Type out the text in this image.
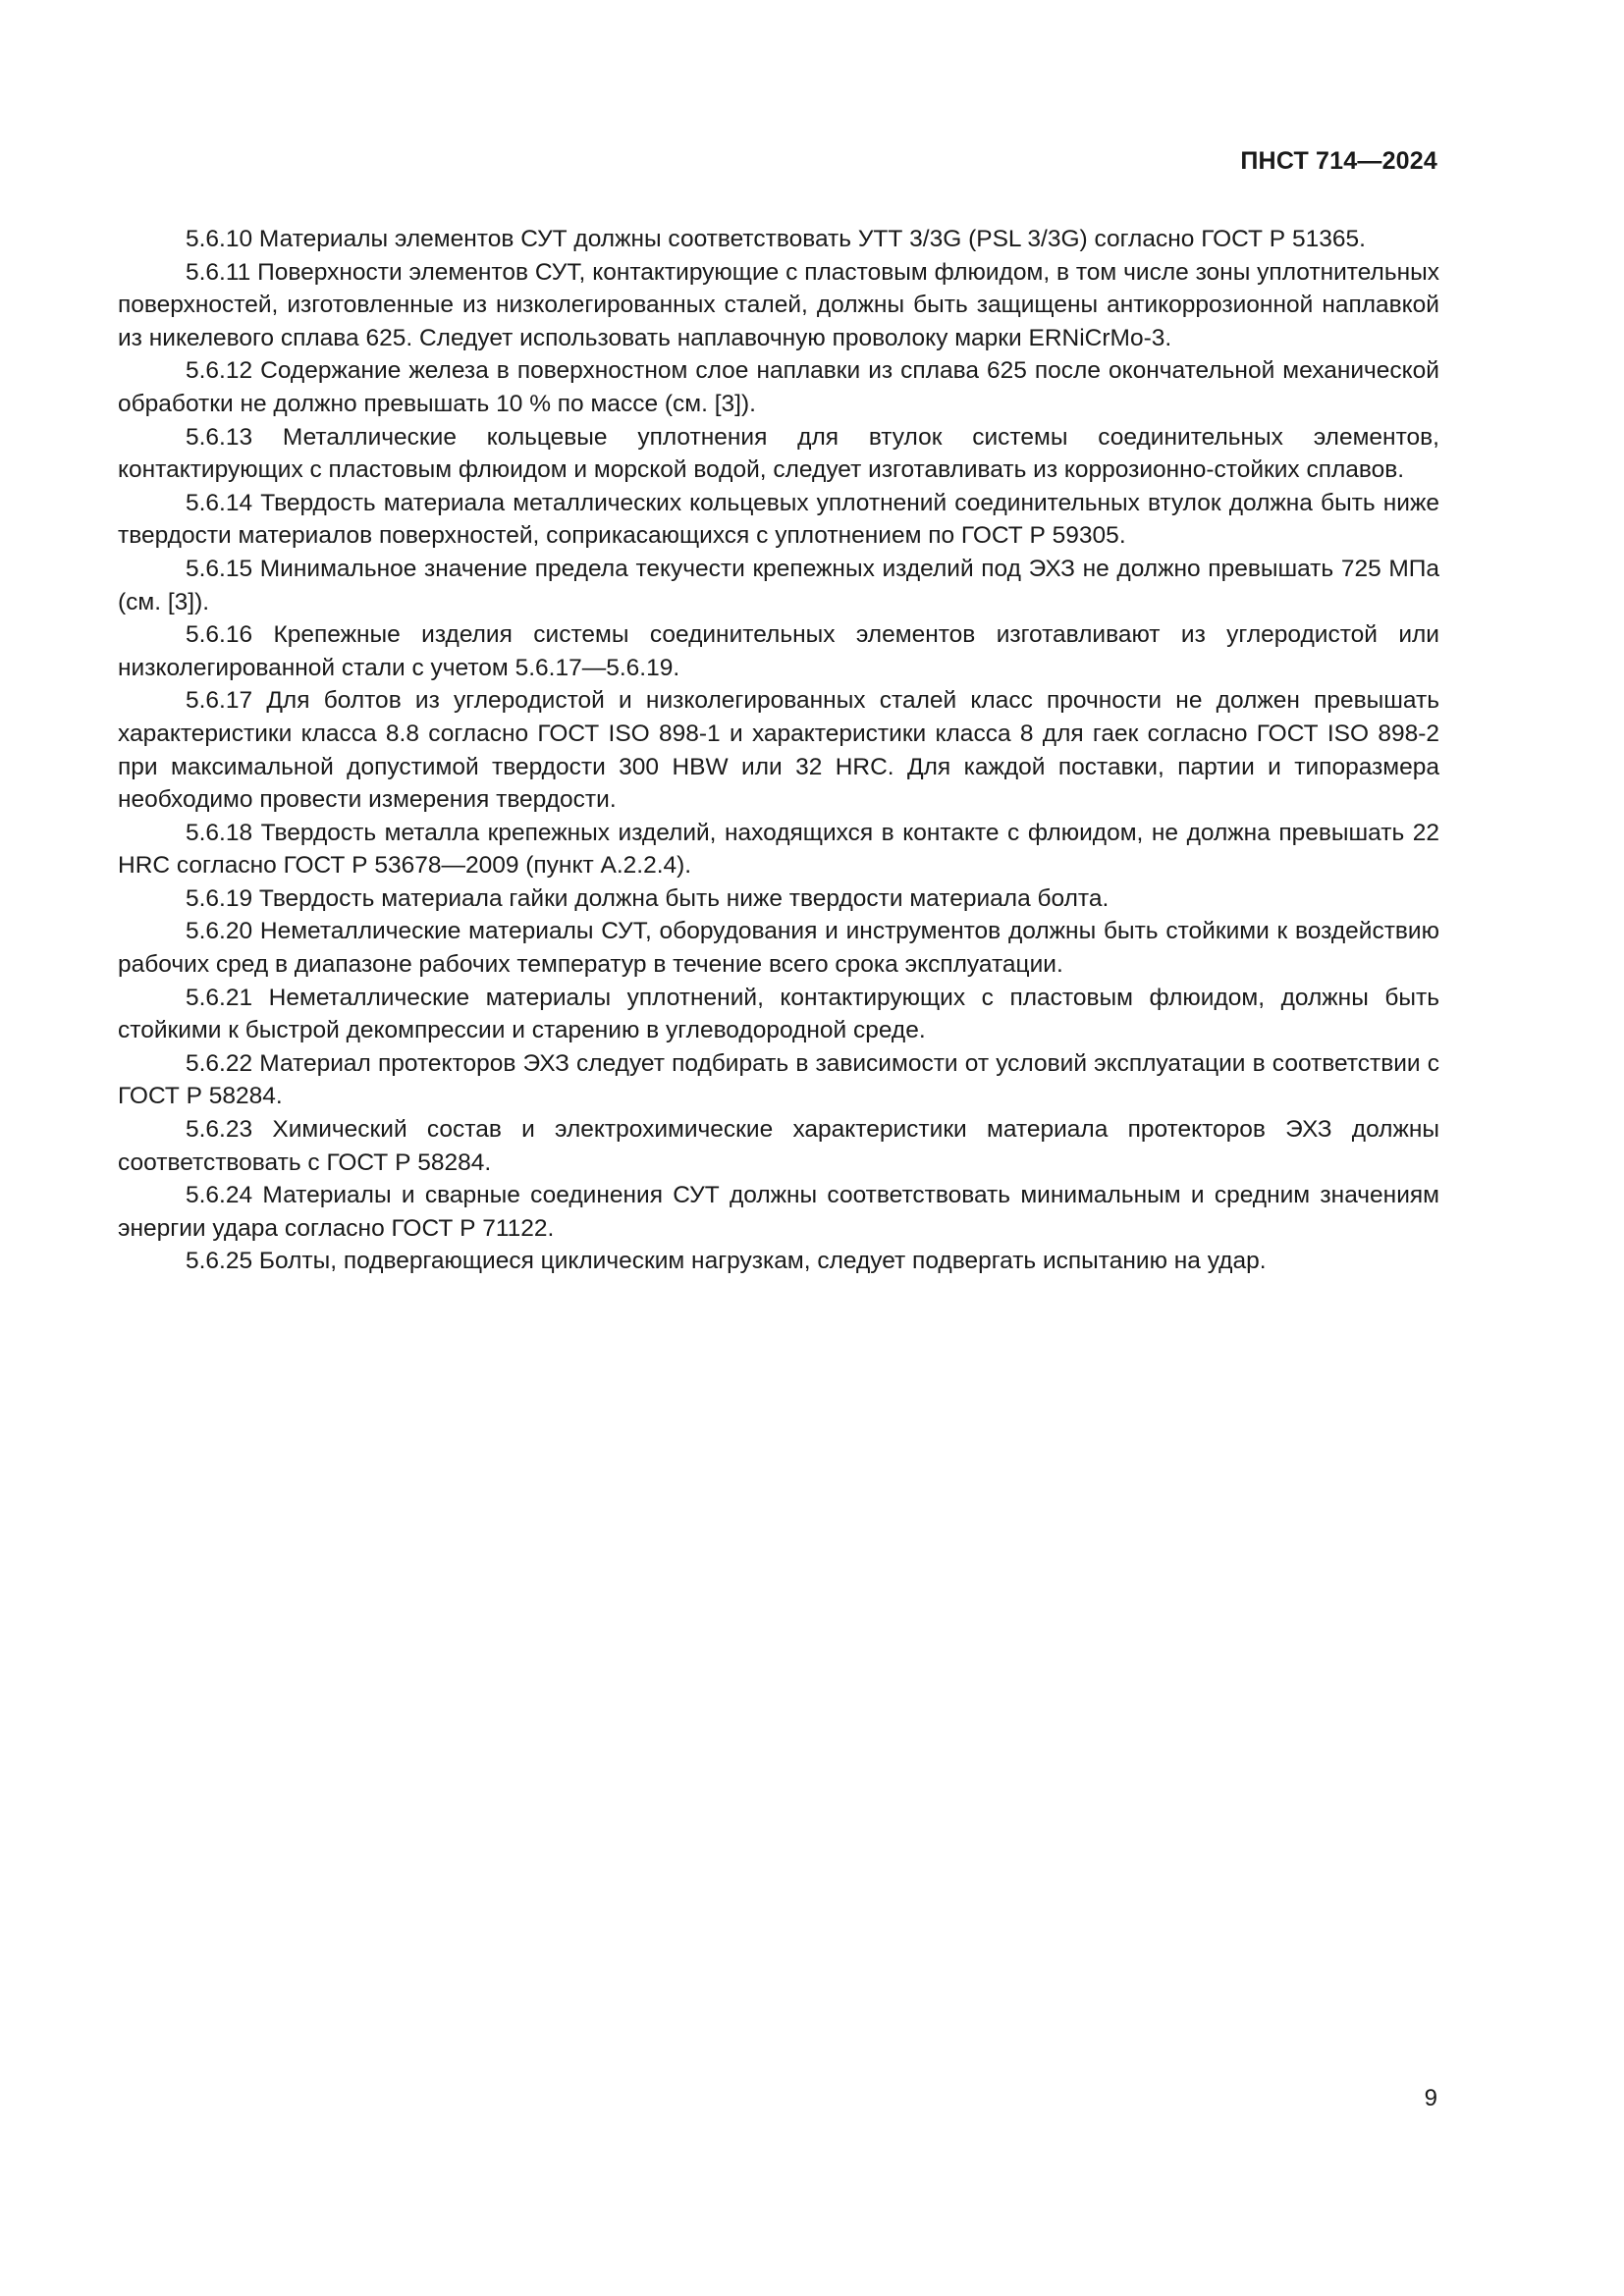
ПНСТ 714—2024

5.6.10 Материалы элементов СУТ должны соответствовать УТТ 3/3G (PSL 3/3G) согласно ГОСТ Р 51365.

5.6.11 Поверхности элементов СУТ, контактирующие с пластовым флюидом, в том числе зоны уплотнительных поверхностей, изготовленные из низколегированных сталей, должны быть защищены антикоррозионной наплавкой из никелевого сплава 625. Следует использовать наплавочную проволоку марки ERNiCrMo-3.

5.6.12 Содержание железа в поверхностном слое наплавки из сплава 625 после окончательной механической обработки не должно превышать 10 % по массе (см. [3]).

5.6.13 Металлические кольцевые уплотнения для втулок системы соединительных элементов, контактирующих с пластовым флюидом и морской водой, следует изготавливать из коррозионно-стойких сплавов.

5.6.14 Твердость материала металлических кольцевых уплотнений соединительных втулок должна быть ниже твердости материалов поверхностей, соприкасающихся с уплотнением по ГОСТ Р 59305.

5.6.15 Минимальное значение предела текучести крепежных изделий под ЭХЗ не должно превышать 725 МПа (см. [3]).

5.6.16 Крепежные изделия системы соединительных элементов изготавливают из углеродистой или низколегированной стали с учетом 5.6.17—5.6.19.

5.6.17 Для болтов из углеродистой и низколегированных сталей класс прочности не должен превышать характеристики класса 8.8 согласно ГОСТ ISO 898-1 и характеристики класса 8 для гаек согласно ГОСТ ISO 898-2 при максимальной допустимой твердости 300 HBW или 32 HRC. Для каждой поставки, партии и типоразмера необходимо провести измерения твердости.

5.6.18 Твердость металла крепежных изделий, находящихся в контакте с флюидом, не должна превышать 22 HRC согласно ГОСТ Р 53678—2009 (пункт А.2.2.4).

5.6.19 Твердость материала гайки должна быть ниже твердости материала болта.

5.6.20 Неметаллические материалы СУТ, оборудования и инструментов должны быть стойкими к воздействию рабочих сред в диапазоне рабочих температур в течение всего срока эксплуатации.

5.6.21 Неметаллические материалы уплотнений, контактирующих с пластовым флюидом, должны быть стойкими к быстрой декомпрессии и старению в углеводородной среде.

5.6.22 Материал протекторов ЭХЗ следует подбирать в зависимости от условий эксплуатации в соответствии с ГОСТ Р 58284.

5.6.23 Химический состав и электрохимические характеристики материала протекторов ЭХЗ должны соответствовать с ГОСТ Р 58284.

5.6.24 Материалы и сварные соединения СУТ должны соответствовать минимальным и средним значениям энергии удара согласно ГОСТ Р 71122.

5.6.25 Болты, подвергающиеся циклическим нагрузкам, следует подвергать испытанию на удар.

9
